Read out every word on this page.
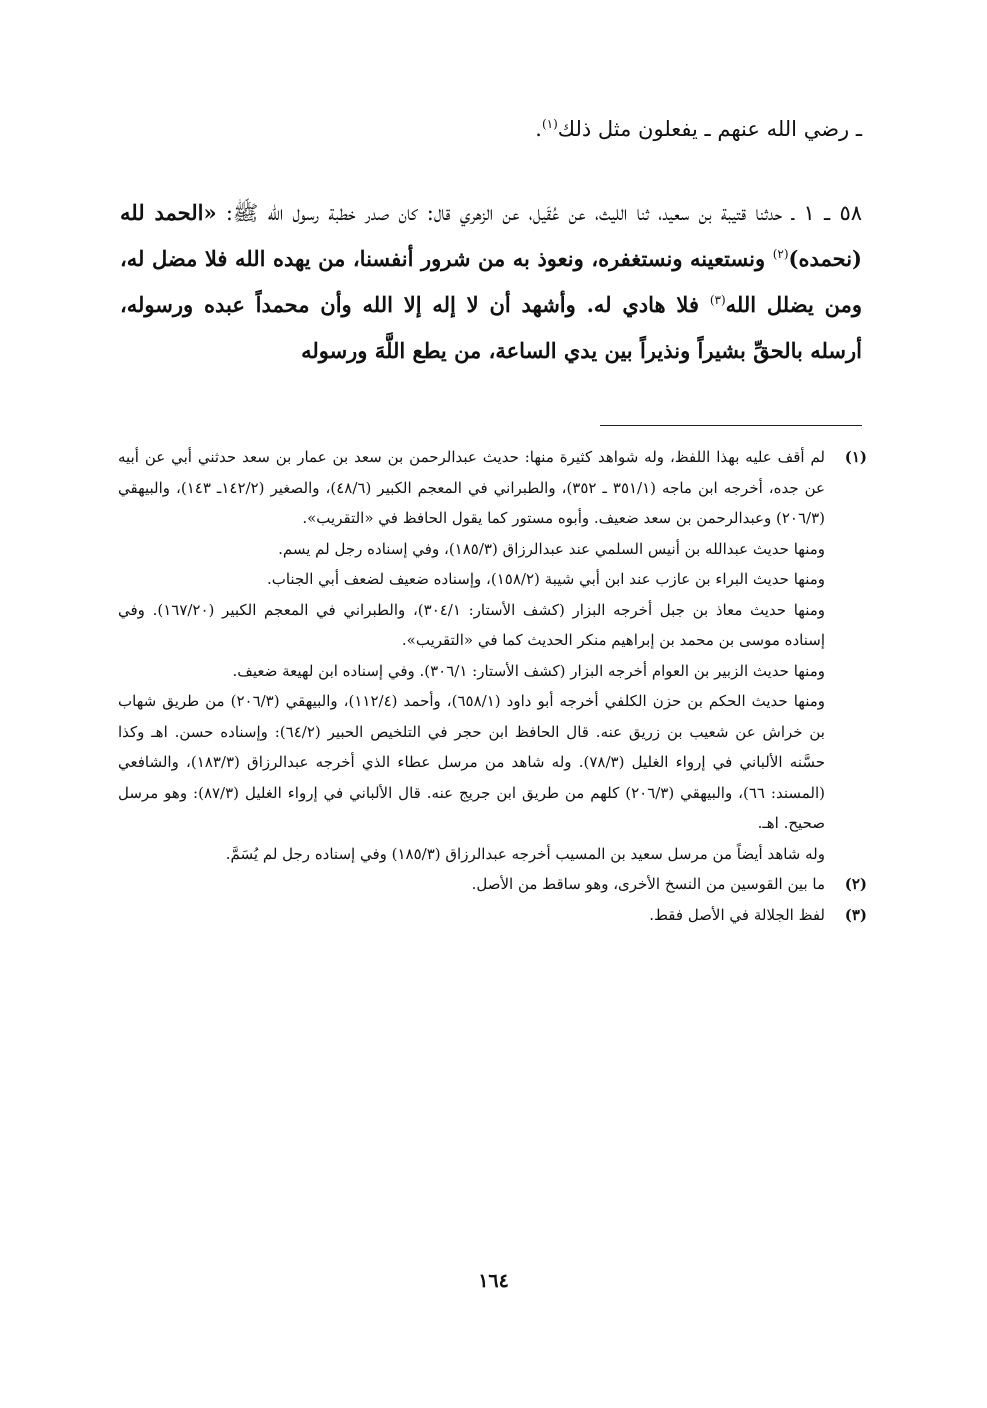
ـ رضي الله عنهم ـ يفعلون مثل ذلك$^{(١)}$.

٥٨ ـ ١ ـ حدثنا قتيبة بن سعيد، ثنا الليث، عن عُقَيل، عن الزهري قال: كان صدر خطبة رسول الله ﷺ: «الحمد لله (نحمده)$^{(٢)}$ ونستعينه ونستغفره، ونعوذ به من شرور أنفسنا، من يهده الله فلا مضل له، ومن يضلل الله$^{(٣)}$ فلا هادي له. وأشهد أن لا إله إلا الله وأن محمداً عبده ورسوله، أرسله بالحقِّ بشيراً ونذيراً بين يدي الساعة، من يطع اللَّهَ ورسوله

(١)

لم أقف عليه بهذا اللفظ، وله شواهد كثيرة منها: حديث عبدالرحمن بن سعد بن عمار بن سعد حدثني أبي عن أبيه عن جده، أخرجه ابن ماجه (٣٥١/١ ـ ٣٥٢)، والطبراني في المعجم الكبير (٤٨/٦)، والصغير (١٤٢/٢ـ ١٤٣)، والبيهقي (٢٠٦/٣) وعبدالرحمن بن سعد ضعيف. وأبوه مستور كما يقول الحافظ في «التقريب».

ومنها حديث عبدالله بن أنيس السلمي عند عبدالرزاق (١٨٥/٣)، وفي إسناده رجل لم يسم.

ومنها حديث البراء بن عازب عند ابن أبي شيبة (١٥٨/٢)، وإسناده ضعيف لضعف أبي الجناب.

ومنها حديث معاذ بن جبل أخرجه البزار (كشف الأستار: ٣٠٤/١)، والطبراني في المعجم الكبير (١٦٧/٢٠). وفي إسناده موسى بن محمد بن إبراهيم منكر الحديث كما في «التقريب».

ومنها حديث الزبير بن العوام أخرجه البزار (كشف الأستار: ٣٠٦/١). وفي إسناده ابن لهيعة ضعيف.

ومنها حديث الحكم بن حزن الكلفي أخرجه أبو داود (٦٥٨/١)، وأحمد (١١٢/٤)، والبيهقي (٢٠٦/٣) من طريق شهاب بن خراش عن شعيب بن زريق عنه. قال الحافظ ابن حجر في التلخيص الحبير (٦٤/٢): وإسناده حسن. اهـ وكذا حسَّنه الألباني في إرواء الغليل (٧٨/٣). وله شاهد من مرسل عطاء الذي أخرجه عبدالرزاق (١٨٣/٣)، والشافعي (المسند: ٦٦)، والبيهقي (٢٠٦/٣) كلهم من طريق ابن جريج عنه. قال الألباني في إرواء الغليل (٨٧/٣): وهو مرسل صحيح. اهـ.

وله شاهد أيضاً من مرسل سعيد بن المسيب أخرجه عبدالرزاق (١٨٥/٣) وفي إسناده رجل لم يُسَمَّ.

(٢)

ما بين القوسين من النسخ الأخرى، وهو ساقط من الأصل.

(٣)

لفظ الجلالة في الأصل فقط.

١٦٤
